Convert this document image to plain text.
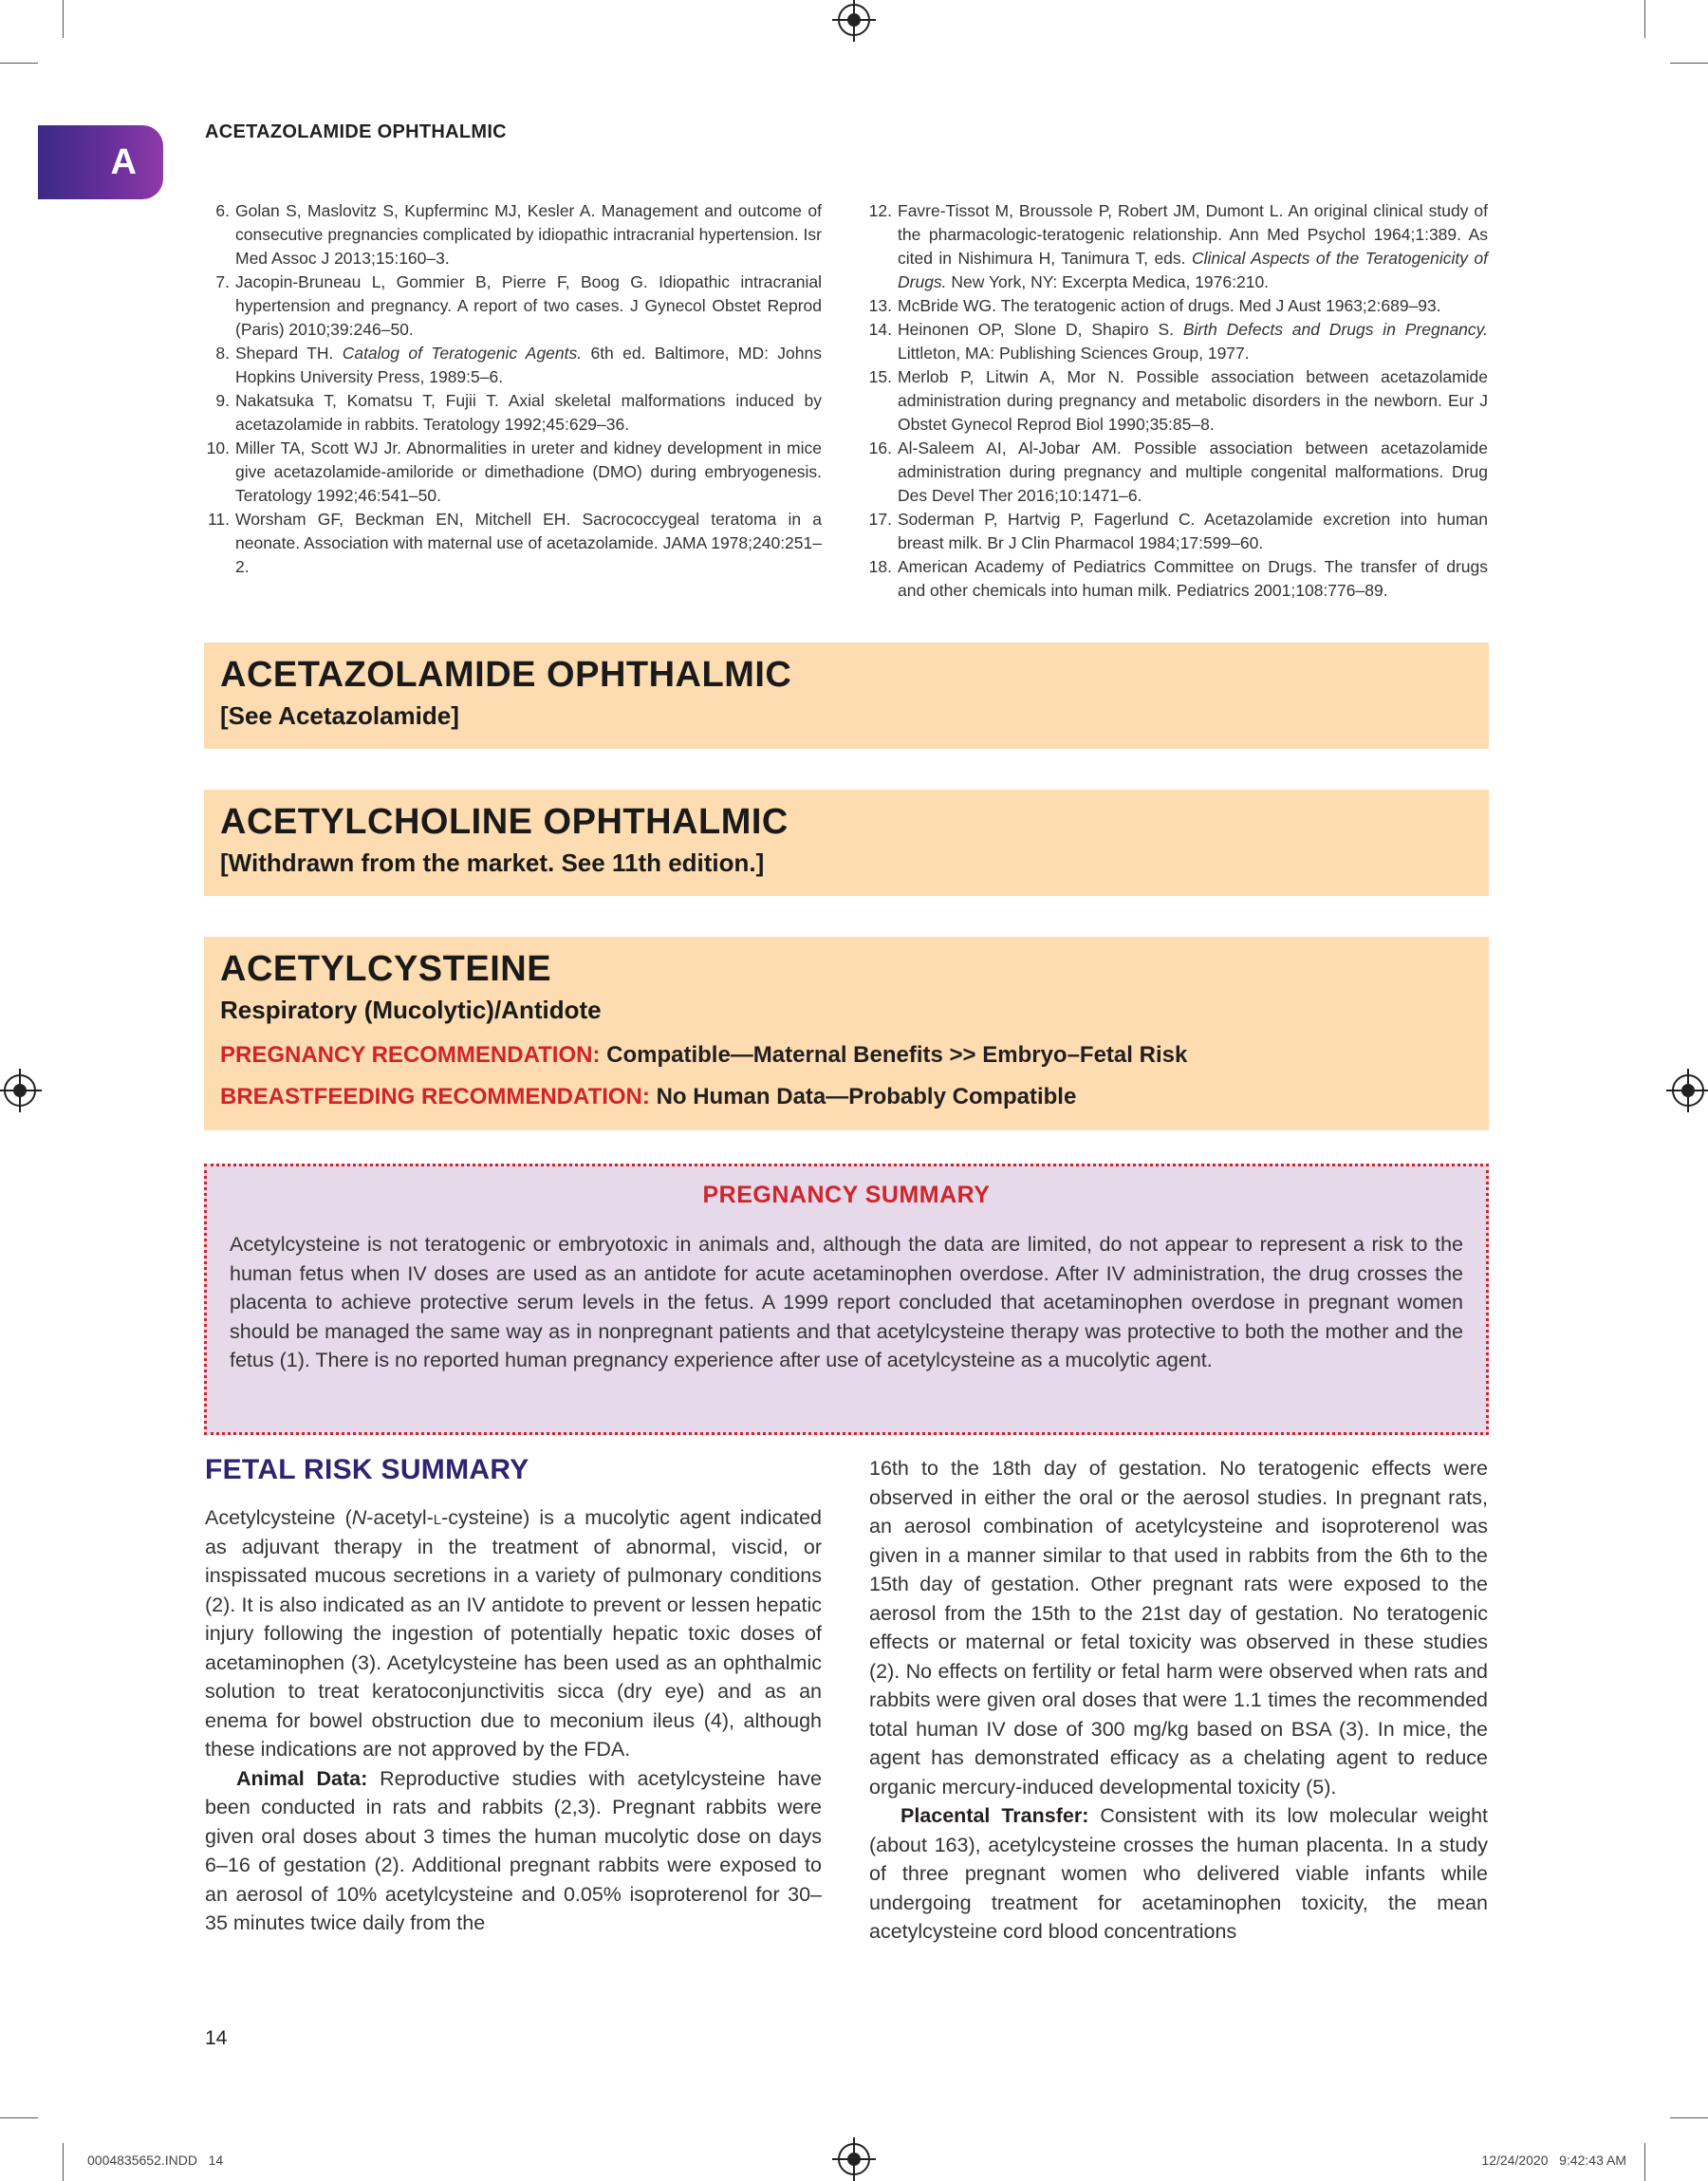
A
ACETAZOLAMIDE OPHTHALMIC
6. Golan S, Maslovitz S, Kupferminc MJ, Kesler A. Management and outcome of consecutive pregnancies complicated by idiopathic intracranial hypertension. Isr Med Assoc J 2013;15:160–3.
7. Jacopin-Bruneau L, Gommier B, Pierre F, Boog G. Idiopathic intracranial hypertension and pregnancy. A report of two cases. J Gynecol Obstet Reprod (Paris) 2010;39:246–50.
8. Shepard TH. Catalog of Teratogenic Agents. 6th ed. Baltimore, MD: Johns Hopkins University Press, 1989:5–6.
9. Nakatsuka T, Komatsu T, Fujii T. Axial skeletal malformations induced by acetazolamide in rabbits. Teratology 1992;45:629–36.
10. Miller TA, Scott WJ Jr. Abnormalities in ureter and kidney development in mice give acetazolamide-amiloride or dimethadione (DMO) during embryogenesis. Teratology 1992;46:541–50.
11. Worsham GF, Beckman EN, Mitchell EH. Sacrococcygeal teratoma in a neonate. Association with maternal use of acetazolamide. JAMA 1978;240:251–2.
12. Favre-Tissot M, Broussole P, Robert JM, Dumont L. An original clinical study of the pharmacologic-teratogenic relationship. Ann Med Psychol 1964;1:389. As cited in Nishimura H, Tanimura T, eds. Clinical Aspects of the Teratogenicity of Drugs. New York, NY: Excerpta Medica, 1976:210.
13. McBride WG. The teratogenic action of drugs. Med J Aust 1963;2:689–93.
14. Heinonen OP, Slone D, Shapiro S. Birth Defects and Drugs in Pregnancy. Littleton, MA: Publishing Sciences Group, 1977.
15. Merlob P, Litwin A, Mor N. Possible association between acetazolamide administration during pregnancy and metabolic disorders in the newborn. Eur J Obstet Gynecol Reprod Biol 1990;35:85–8.
16. Al-Saleem AI, Al-Jobar AM. Possible association between acetazolamide administration during pregnancy and multiple congenital malformations. Drug Des Devel Ther 2016;10:1471–6.
17. Soderman P, Hartvig P, Fagerlund C. Acetazolamide excretion into human breast milk. Br J Clin Pharmacol 1984;17:599–60.
18. American Academy of Pediatrics Committee on Drugs. The transfer of drugs and other chemicals into human milk. Pediatrics 2001;108:776–89.
ACETAZOLAMIDE OPHTHALMIC
[See Acetazolamide]
ACETYLCHOLINE OPHTHALMIC
[Withdrawn from the market. See 11th edition.]
ACETYLCYSTEINE
Respiratory (Mucolytic)/Antidote
PREGNANCY RECOMMENDATION: Compatible—Maternal Benefits >> Embryo–Fetal Risk
BREASTFEEDING RECOMMENDATION: No Human Data—Probably Compatible
PREGNANCY SUMMARY

Acetylcysteine is not teratogenic or embryotoxic in animals and, although the data are limited, do not appear to represent a risk to the human fetus when IV doses are used as an antidote for acute acetaminophen overdose. After IV administration, the drug crosses the placenta to achieve protective serum levels in the fetus. A 1999 report concluded that acetaminophen overdose in pregnant women should be managed the same way as in nonpregnant patients and that acetylcysteine therapy was protective to both the mother and the fetus (1). There is no reported human pregnancy experience after use of acetylcysteine as a mucolytic agent.

FETAL RISK SUMMARY

Acetylcysteine (N-acetyl-l-cysteine) is a mucolytic agent indicated as adjuvant therapy in the treatment of abnormal, viscid, or inspissated mucous secretions in a variety of pulmonary conditions (2). It is also indicated as an IV antidote to prevent or lessen hepatic injury following the ingestion of potentially hepatic toxic doses of acetaminophen (3). Acetylcysteine has been used as an ophthalmic solution to treat keratoconjunctivitis sicca (dry eye) and as an enema for bowel obstruction due to meconium ileus (4), although these indications are not approved by the FDA.

Animal Data: Reproductive studies with acetylcysteine have been conducted in rats and rabbits (2,3). Pregnant rabbits were given oral doses about 3 times the human mucolytic dose on days 6–16 of gestation (2). Additional pregnant rabbits were exposed to an aerosol of 10% acetylcysteine and 0.05% isoproterenol for 30–35 minutes twice daily from the

16th to the 18th day of gestation. No teratogenic effects were observed in either the oral or the aerosol studies. In pregnant rats, an aerosol combination of acetylcysteine and isoproterenol was given in a manner similar to that used in rabbits from the 6th to the 15th day of gestation. Other pregnant rats were exposed to the aerosol from the 15th to the 21st day of gestation. No teratogenic effects or maternal or fetal toxicity was observed in these studies (2). No effects on fertility or fetal harm were observed when rats and rabbits were given oral doses that were 1.1 times the recommended total human IV dose of 300 mg/kg based on BSA (3). In mice, the agent has demonstrated efficacy as a chelating agent to reduce organic mercury-induced developmental toxicity (5).

Placental Transfer: Consistent with its low molecular weight (about 163), acetylcysteine crosses the human placenta. In a study of three pregnant women who delivered viable infants while undergoing treatment for acetaminophen toxicity, the mean acetylcysteine cord blood concentrations

14
0004835652.INDD   14	12/24/2020   9:42:43 AM
